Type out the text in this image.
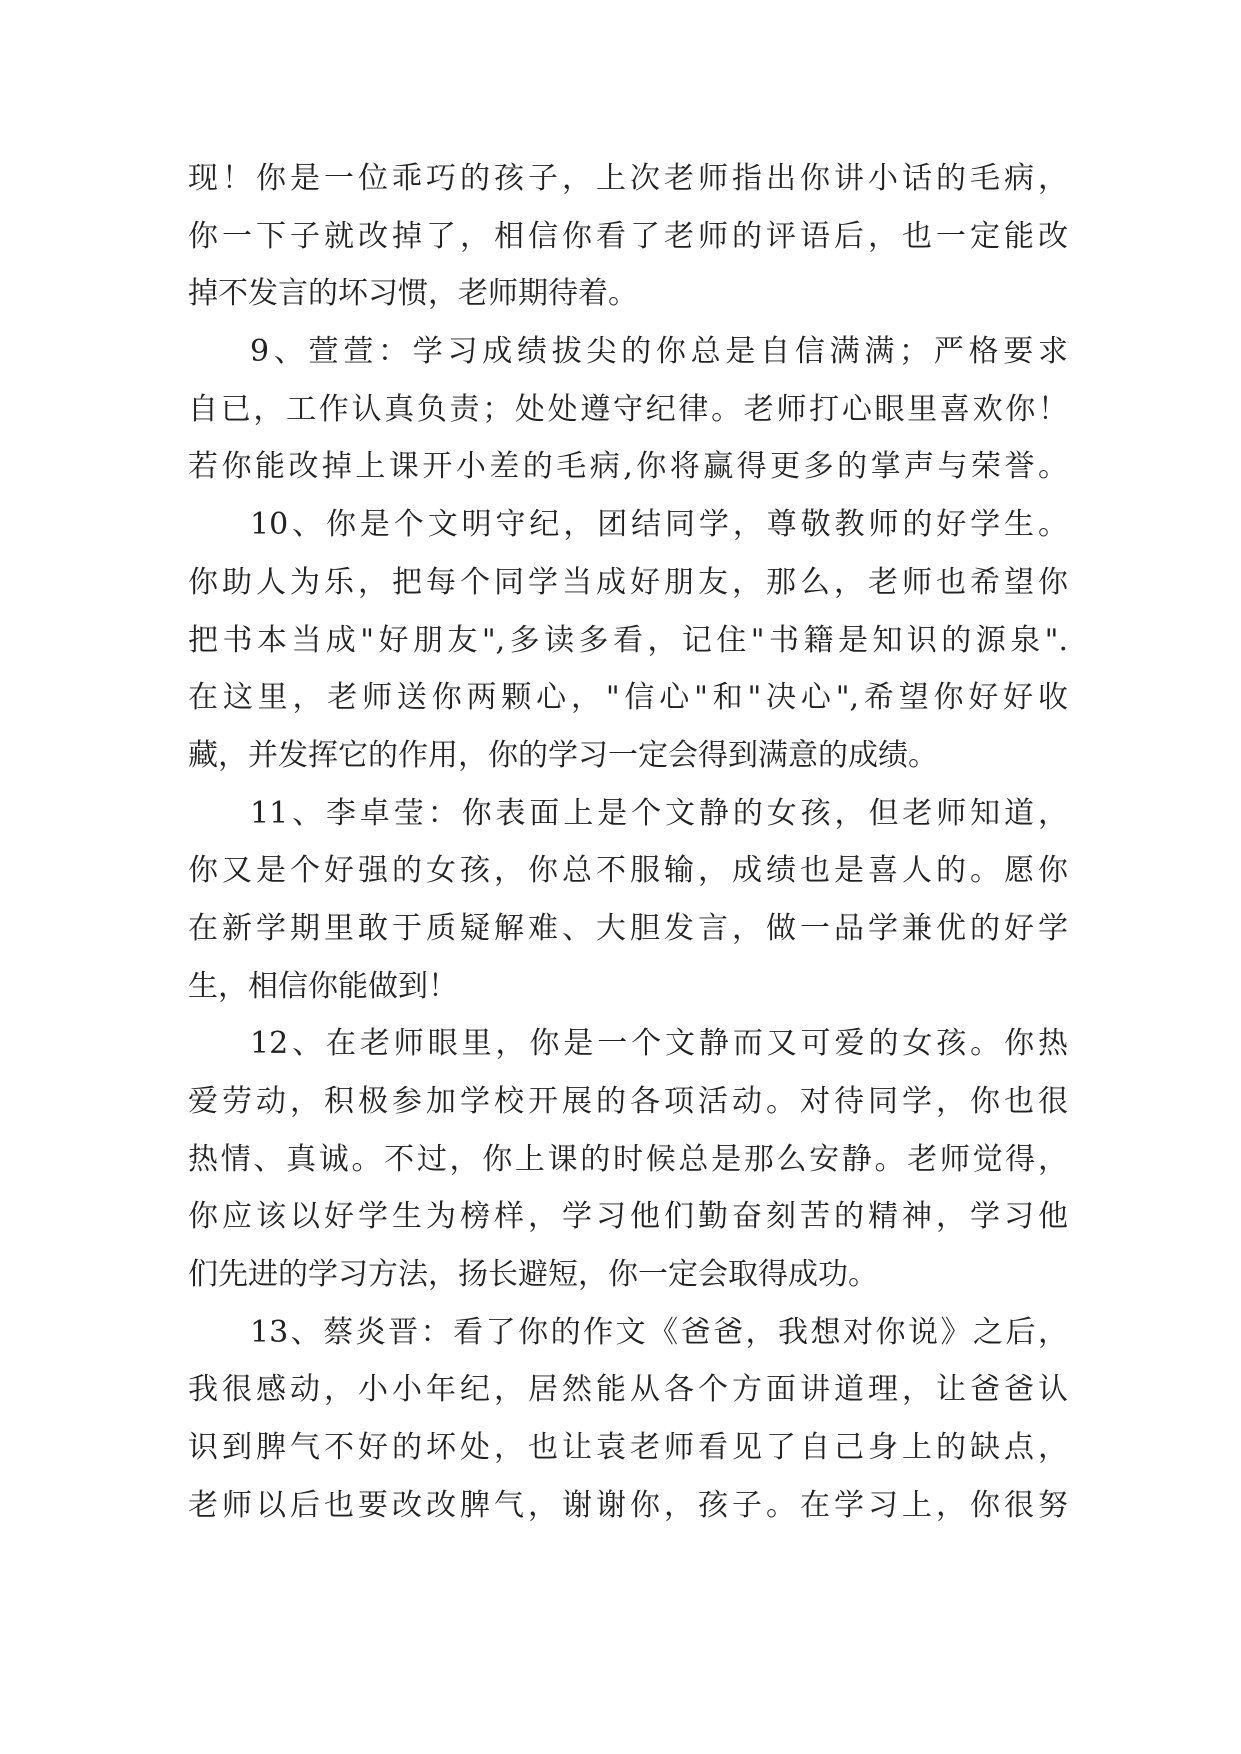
现！你是一位乖巧的孩子，上次老师指出你讲小话的毛病，
你一下子就改掉了，相信你看了老师的评语后，也一定能改
掉不发言的坏习惯，老师期待着。
9、萱萱：学习成绩拔尖的你总是自信满满；严格要求
自已，工作认真负责；处处遵守纪律。老师打心眼里喜欢你！
若你能改掉上课开小差的毛病,你将赢得更多的掌声与荣誉。
10、你是个文明守纪，团结同学，尊敬教师的好学生。
你助人为乐，把每个同学当成好朋友，那么，老师也希望你
把书本当成"好朋友",多读多看，记住"书籍是知识的源泉".
在这里，老师送你两颗心，"信心"和"决心",希望你好好收
藏，并发挥它的作用，你的学习一定会得到满意的成绩。
11、李卓莹：你表面上是个文静的女孩，但老师知道，
你又是个好强的女孩，你总不服输，成绩也是喜人的。愿你
在新学期里敢于质疑解难、大胆发言，做一品学兼优的好学
生，相信你能做到！
12、在老师眼里，你是一个文静而又可爱的女孩。你热
爱劳动，积极参加学校开展的各项活动。对待同学，你也很
热情、真诚。不过，你上课的时候总是那么安静。老师觉得，
你应该以好学生为榜样，学习他们勤奋刻苦的精神，学习他
们先进的学习方法，扬长避短，你一定会取得成功。
13、蔡炎晋：看了你的作文《爸爸，我想对你说》之后，
我很感动，小小年纪，居然能从各个方面讲道理，让爸爸认
识到脾气不好的坏处，也让袁老师看见了自己身上的缺点，
老师以后也要改改脾气，谢谢你，孩子。在学习上，你很努
